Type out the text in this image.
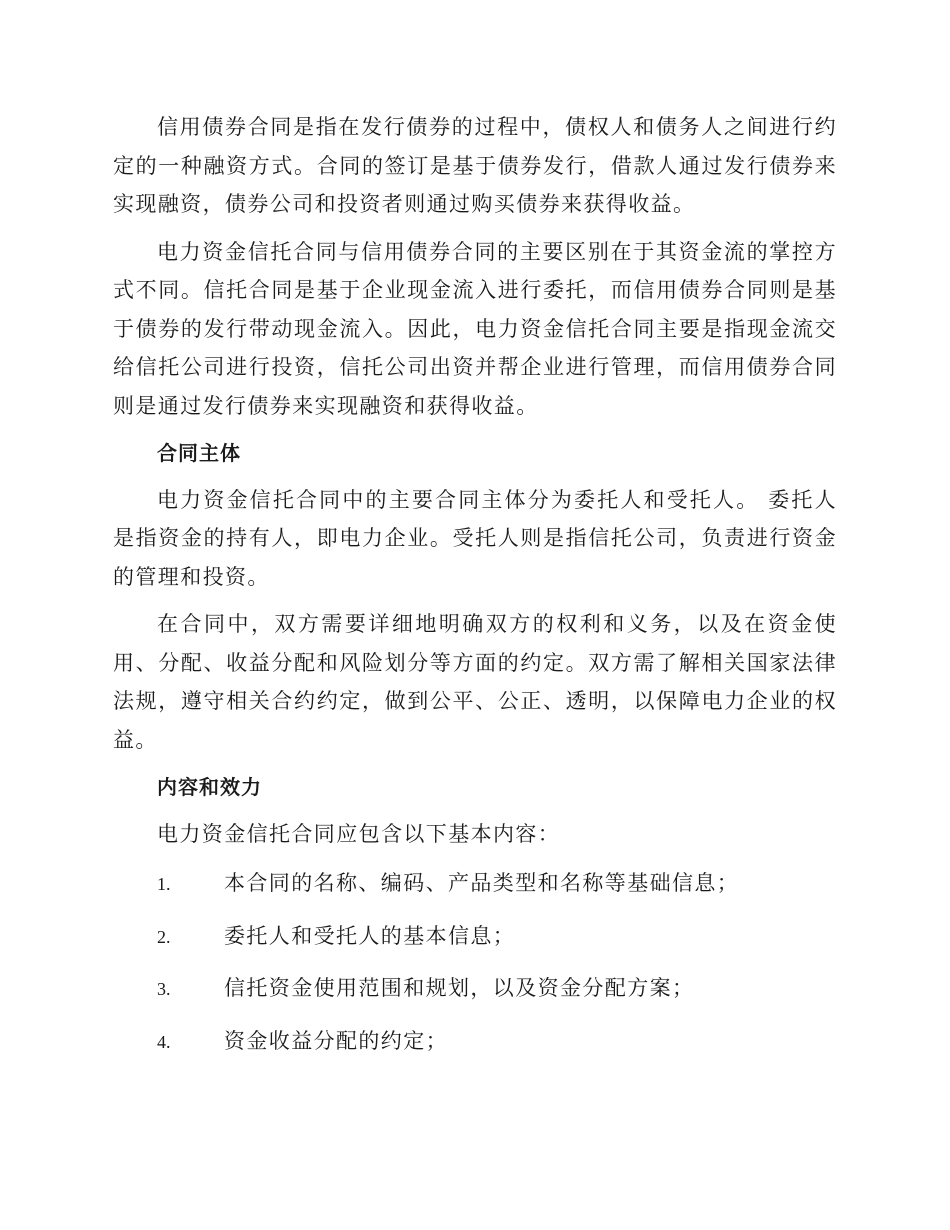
信用债券合同是指在发行债券的过程中，债权人和债务人之间进行约定的一种融资方式。合同的签订是基于债券发行，借款人通过发行债券来实现融资，债券公司和投资者则通过购买债券来获得收益。

电力资金信托合同与信用债券合同的主要区别在于其资金流的掌控方式不同。信托合同是基于企业现金流入进行委托，而信用债券合同则是基于债券的发行带动现金流入。因此，电力资金信托合同主要是指现金流交给信托公司进行投资，信托公司出资并帮企业进行管理，而信用债券合同则是通过发行债券来实现融资和获得收益。

合同主体

电力资金信托合同中的主要合同主体分为委托人和受托人。 委托人是指资金的持有人，即电力企业。受托人则是指信托公司，负责进行资金的管理和投资。

在合同中，双方需要详细地明确双方的权利和义务，以及在资金使用、分配、收益分配和风险划分等方面的约定。双方需了解相关国家法律法规，遵守相关合约约定，做到公平、公正、透明，以保障电力企业的权益。

内容和效力
电力资金信托合同应包含以下基本内容：
1.	本合同的名称、编码、产品类型和名称等基础信息；
2.	委托人和受托人的基本信息；
3.	信托资金使用范围和规划，以及资金分配方案；
4.	资金收益分配的约定；
